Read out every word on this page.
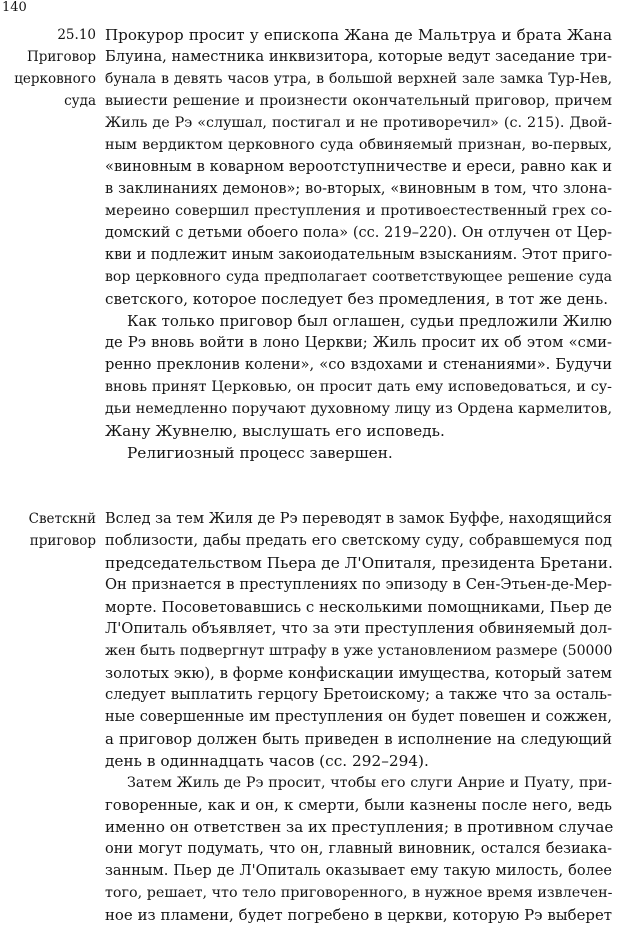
140
25.10
Приговор
церковного
суда
Прокурор просит у епископа Жана де Мальтруа и брата Жана
Блуина, наместника инквизитора, которые ведут заседание три-
бунала в девять часов утра, в большой верхней зале замка Тур-Нев,
выиести решение и произнести окончательный приговор, причем
Жиль де Рэ «слушал, постигал и не противоречил» (с. 215). Двой-
ным вердиктом церковного суда обвиняемый признан, во-первых,
«виновным в коварном вероотступничестве и ереси, равно как и
в заклинаниях демонов»; во-вторых, «виновным в том, что злона-
мереино совершил преступления и противоестественный грех со-
домский с детьми обоего пола» (сс. 219–220). Он отлучен от Цер-
кви и подлежит иным закоиодательным взысканиям. Этот приго-
вор церковного суда предполагает соответствующее решение суда
светского, которое последует без промедления, в тот же день.
Как только приговор был оглашен, судьи предложили Жилю
де Рэ вновь войти в лоно Церкви; Жиль просит их об этом «сми-
ренно преклонив колени», «со вздохами и стенаниями». Будучи
вновь принят Церковью, он просит дать ему исповедоваться, и су-
дьи немедленно поручают духовному лицу из Ордена кармелитов,
Жану Жувнелю, выслушать его исповедь.
Религиозный процесс завершен.
Светскнй
приговор
Вслед за тем Жиля де Рэ переводят в замок Буффе, находящийся
поблизости, дабы предать его светскому суду, собравшемуся под
председательством Пьера де Л'Опиталя, президента Бретани.
Он признается в преступлениях по эпизоду в Сен-Этьен-де-Мер-
морте. Посоветовавшись с несколькими помощниками, Пьер де
Л'Опиталь объявляет, что за эти преступления обвиняемый дол-
жен быть подвергнут штрафу в уже установлениом размере (50000
золотых экю), в форме конфискации имущества, который затем
следует выплатить герцогу Бретоискому; а также что за осталь-
ные совершенные им преступления он будет повешен и сожжен,
а приговор должен быть приведен в исполнение на следующий
день в одиннадцать часов (сс. 292–294).
Затем Жиль де Рэ просит, чтобы его слуги Анрие и Пуату, при-
говоренные, как и он, к смерти, были казнены после него, ведь
именно он ответствен за их преступления; в противном случае
они могут подумать, что он, главный виновник, остался безиака-
занным. Пьер де Л'Опиталь оказывает ему такую милость, более
того, решает, что тело приговоренного, в нужное время извлечен-
ное из пламени, будет погребено в церкви, которую Рэ выберет
